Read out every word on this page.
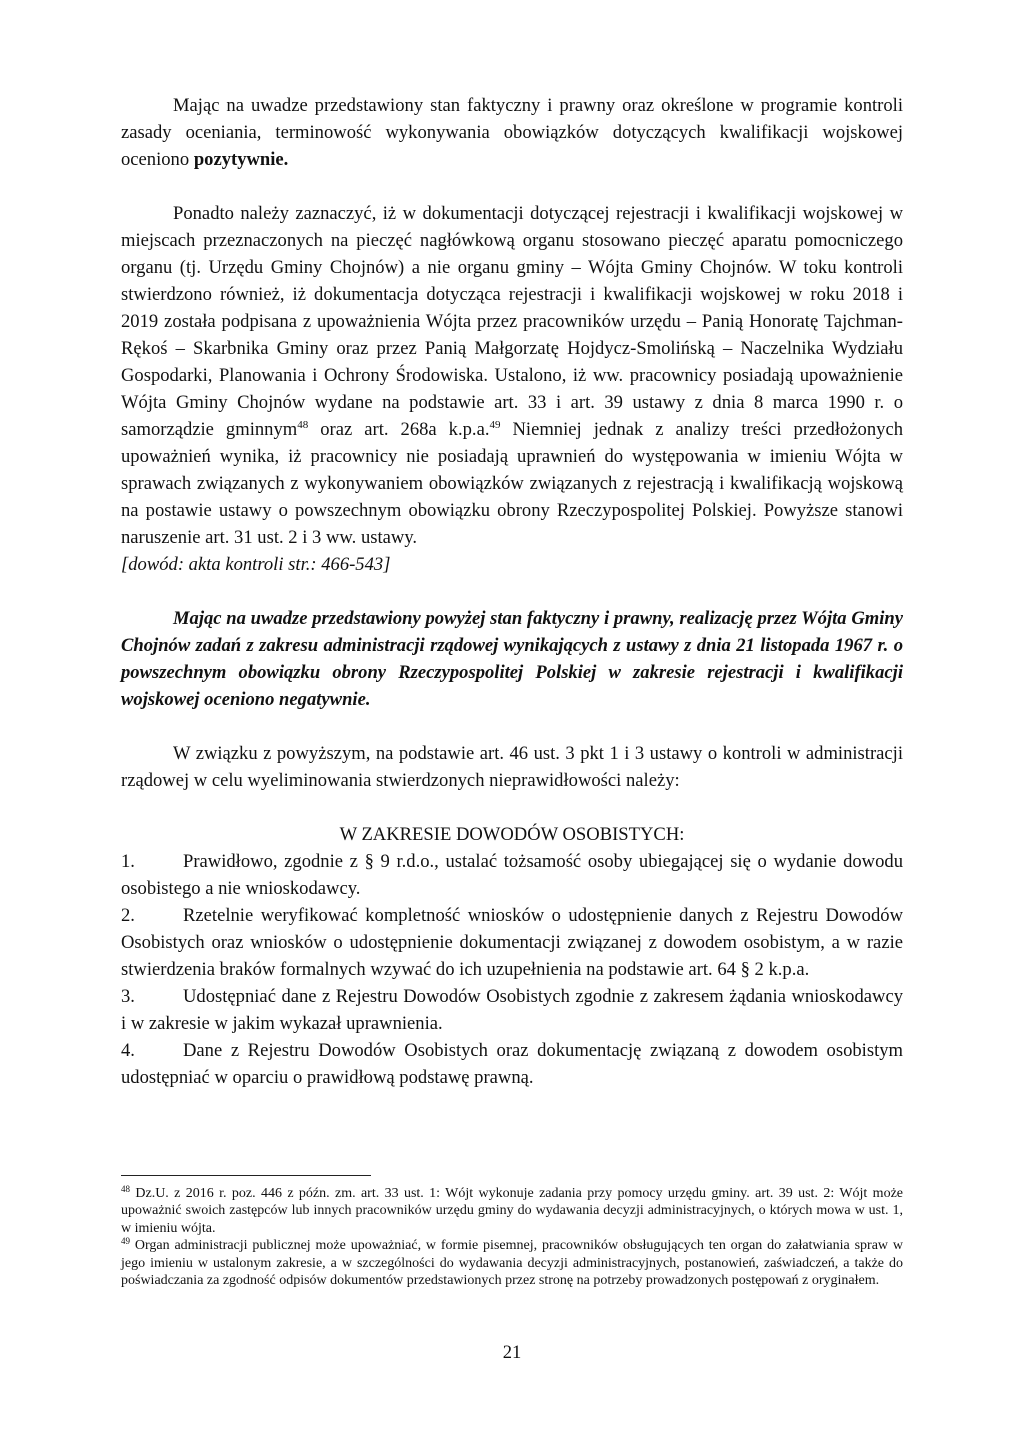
Mając na uwadze przedstawiony stan faktyczny i prawny oraz określone w programie kontroli zasady oceniania, terminowość wykonywania obowiązków dotyczących kwalifikacji wojskowej oceniono pozytywnie.

Ponadto należy zaznaczyć, iż w dokumentacji dotyczącej rejestracji i kwalifikacji wojskowej w miejscach przeznaczonych na pieczęć nagłówkową organu stosowano pieczęć aparatu pomocniczego organu (tj. Urzędu Gminy Chojnów) a nie organu gminy – Wójta Gminy Chojnów. W toku kontroli stwierdzono również, iż dokumentacja dotycząca rejestracji i kwalifikacji wojskowej w roku 2018 i 2019 została podpisana z upoważnienia Wójta przez pracowników urzędu – Panią Honoratę Tajchman-Rękoś – Skarbnika Gminy oraz przez Panią Małgorzatę Hojdycz-Smolińską – Naczelnika Wydziału Gospodarki, Planowania i Ochrony Środowiska. Ustalono, iż ww. pracownicy posiadają upoważnienie Wójta Gminy Chojnów wydane na podstawie art. 33 i art. 39 ustawy z dnia 8 marca 1990 r. o samorządzie gminnym$^{48}$ oraz art. 268a k.p.a.$^{49}$ Niemniej jednak z analizy treści przedłożonych upoważnień wynika, iż pracownicy nie posiadają uprawnień do występowania w imieniu Wójta w sprawach związanych z wykonywaniem obowiązków związanych z rejestracją i kwalifikacją wojskową na postawie ustawy o powszechnym obowiązku obrony Rzeczypospolitej Polskiej. Powyższe stanowi naruszenie art. 31 ust. 2 i 3 ww. ustawy.

[dowód: akta kontroli str.: 466-543]

Mając na uwadze przedstawiony powyżej stan faktyczny i prawny, realizację przez Wójta Gminy Chojnów zadań z zakresu administracji rządowej wynikających z ustawy z dnia 21 listopada 1967 r. o powszechnym obowiązku obrony Rzeczypospolitej Polskiej w zakresie rejestracji i kwalifikacji wojskowej oceniono negatywnie.

W związku z powyższym, na podstawie art. 46 ust. 3 pkt 1 i 3 ustawy o kontroli w administracji rządowej w celu wyeliminowania stwierdzonych nieprawidłowości należy:

W ZAKRESIE DOWODÓW OSOBISTYCH:

1.	Prawidłowo, zgodnie z § 9 r.d.o., ustalać tożsamość osoby ubiegającej się o wydanie dowodu osobistego a nie wnioskodawcy.

2.	Rzetelnie weryfikować kompletność wniosków o udostępnienie danych z Rejestru Dowodów Osobistych oraz wniosków o udostępnienie dokumentacji związanej z dowodem osobistym, a w razie stwierdzenia braków formalnych wzywać do ich uzupełnienia na podstawie art. 64 § 2 k.p.a.

3.	Udostępniać dane z Rejestru Dowodów Osobistych zgodnie z zakresem żądania wnioskodawcy i w zakresie w jakim wykazał uprawnienia.

4.	Dane z Rejestru Dowodów Osobistych oraz dokumentację związaną z dowodem osobistym udostępniać w oparciu o prawidłową podstawę prawną.

$^{48}$ Dz.U. z 2016 r. poz. 446 z późn. zm. art. 33 ust. 1: Wójt wykonuje zadania przy pomocy urzędu gminy. art. 39 ust. 2: Wójt może upoważnić swoich zastępców lub innych pracowników urzędu gminy do wydawania decyzji administracyjnych, o których mowa w ust. 1, w imieniu wójta.

$^{49}$ Organ administracji publicznej może upoważniać, w formie pisemnej, pracowników obsługujących ten organ do załatwiania spraw w jego imieniu w ustalonym zakresie, a w szczególności do wydawania decyzji administracyjnych, postanowień, zaświadczeń, a także do poświadczania za zgodność odpisów dokumentów przedstawionych przez stronę na potrzeby prowadzonych postępowań z oryginałem.

21
